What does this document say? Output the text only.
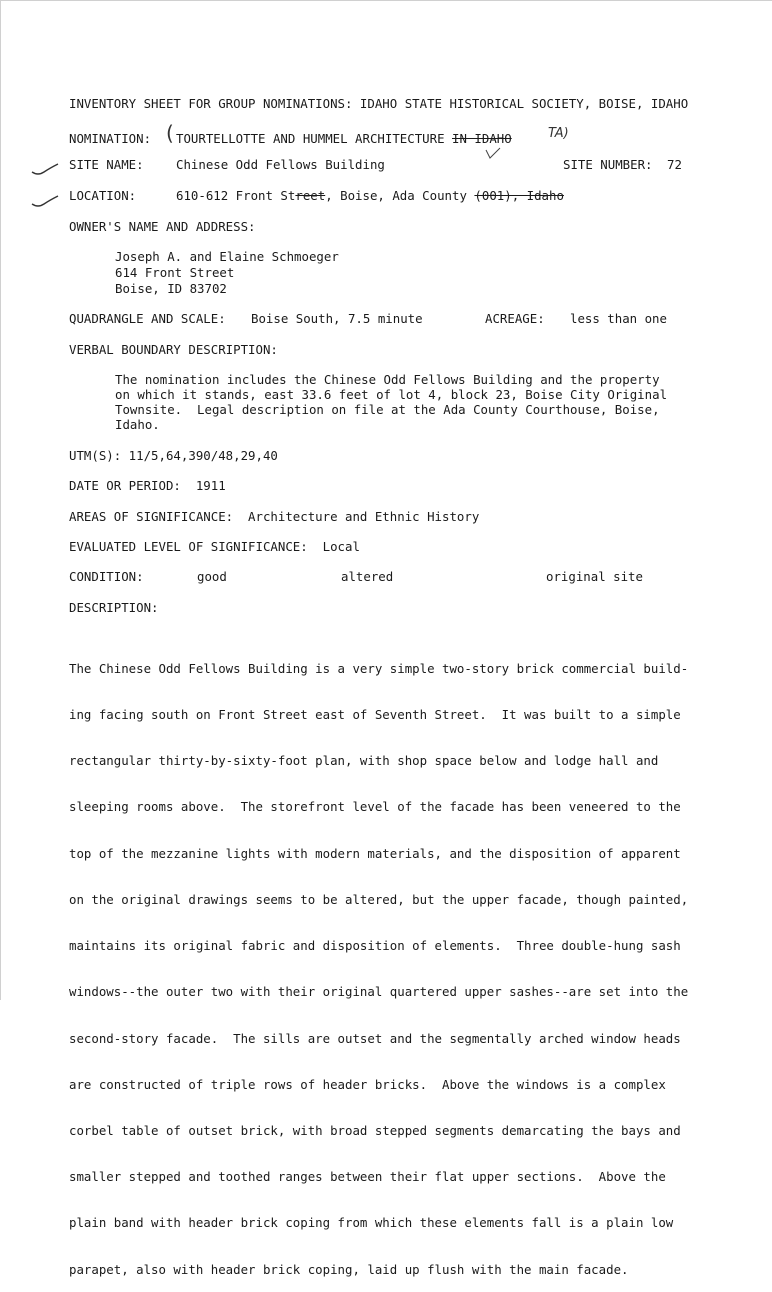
INVENTORY SHEET FOR GROUP NOMINATIONS: IDAHO STATE HISTORICAL SOCIETY, BOISE, IDAHO
NOMINATION: ( TOURTELLOTTE AND HUMMEL ARCHITECTURE IN IDAHO	TA)
SITE NAME:	Chinese Odd Fellows Building	SITE NUMBER: 72
LOCATION:	610-612 Front Street, Boise, Ada County (001), Idaho
OWNER'S NAME AND ADDRESS:
Joseph A. and Elaine Schmoeger
614 Front Street
Boise, ID 83702
QUADRANGLE AND SCALE: Boise South, 7.5 minute	ACREAGE: less than one
VERBAL BOUNDARY DESCRIPTION:
The nomination includes the Chinese Odd Fellows Building and the property
on which it stands, east 33.6 feet of lot 4, block 23, Boise City Original
Townsite.  Legal description on file at the Ada County Courthouse, Boise,
Idaho.
UTM(S): 11/5,64,390/48,29,40
DATE OR PERIOD:  1911
AREAS OF SIGNIFICANCE:  Architecture and Ethnic History
EVALUATED LEVEL OF SIGNIFICANCE:  Local
CONDITION:	good	altered	original site
DESCRIPTION:

The Chinese Odd Fellows Building is a very simple two-story brick commercial build-

ing facing south on Front Street east of Seventh Street.  It was built to a simple

rectangular thirty-by-sixty-foot plan, with shop space below and lodge hall and

sleeping rooms above.  The storefront level of the facade has been veneered to the

top of the mezzanine lights with modern materials, and the disposition of apparent

on the original drawings seems to be altered, but the upper facade, though painted,

maintains its original fabric and disposition of elements.  Three double-hung sash

windows--the outer two with their original quartered upper sashes--are set into the

second-story facade.  The sills are outset and the segmentally arched window heads

are constructed of triple rows of header bricks.  Above the windows is a complex

corbel table of outset brick, with broad stepped segments demarcating the bays and

smaller stepped and toothed ranges between their flat upper sections.  Above the

plain band with header brick coping from which these elements fall is a plain low

parapet, also with header brick coping, laid up flush with the main facade.
